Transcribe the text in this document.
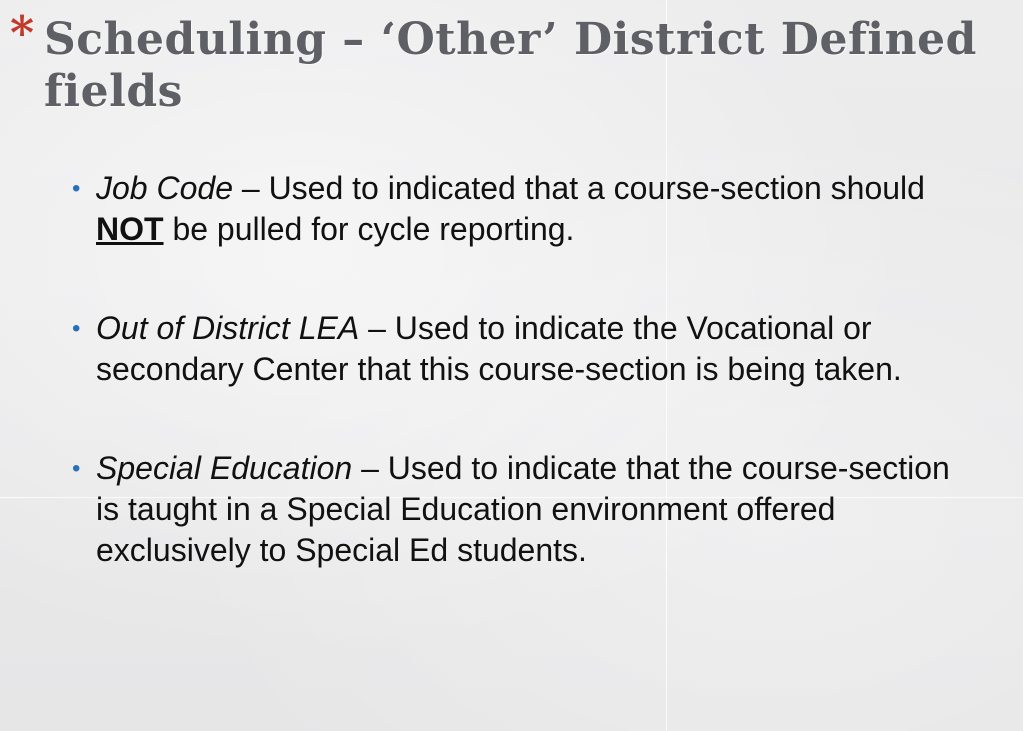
* Scheduling – ‘Other’ District Defined fields
• Job Code – Used to indicated that a course-section should NOT be pulled for cycle reporting.
• Out of District LEA – Used to indicate the Vocational or secondary Center that this course-section is being taken.
• Special Education – Used to indicate that the course-section is taught in a Special Education environment offered exclusively to Special Ed students.
